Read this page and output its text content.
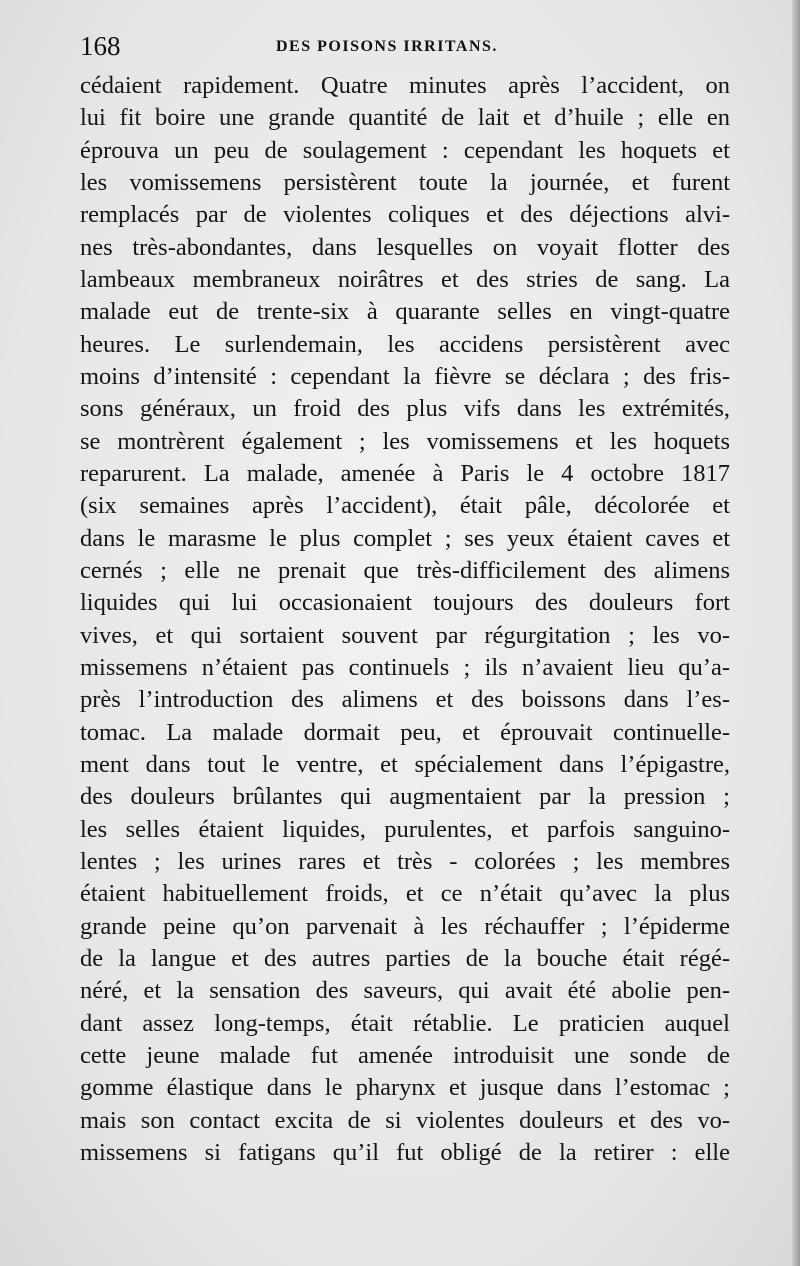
168	DES POISONS IRRITANS.
cédaient rapidement. Quatre minutes après l’accident, on
lui fit boire une grande quantité de lait et d’huile ; elle en
éprouva un peu de soulagement : cependant les hoquets et
les vomissemens persistèrent toute la journée, et furent
remplacés par de violentes coliques et des déjections alvi-
nes très-abondantes, dans lesquelles on voyait flotter des
lambeaux membraneux noirâtres et des stries de sang. La
malade eut de trente-six à quarante selles en vingt-quatre
heures. Le surlendemain, les accidens persistèrent avec
moins d’intensité : cependant la fièvre se déclara ; des fris-
sons généraux, un froid des plus vifs dans les extrémités,
se montrèrent également ; les vomissemens et les hoquets
reparurent. La malade, amenée à Paris le 4 octobre 1817
(six semaines après l’accident), était pâle, décolorée et
dans le marasme le plus complet ; ses yeux étaient caves et
cernés ; elle ne prenait que très-difficilement des alimens
liquides qui lui occasionaient toujours des douleurs fort
vives, et qui sortaient souvent par régurgitation ; les vo-
missemens n’étaient pas continuels ; ils n’avaient lieu qu’a-
près l’introduction des alimens et des boissons dans l’es-
tomac. La malade dormait peu, et éprouvait continuelle-
ment dans tout le ventre, et spécialement dans l’épigastre,
des douleurs brûlantes qui augmentaient par la pression ;
les selles étaient liquides, purulentes, et parfois sanguino-
lentes ; les urines rares et très - colorées ; les membres
étaient habituellement froids, et ce n’était qu’avec la plus
grande peine qu’on parvenait à les réchauffer ; l’épiderme
de la langue et des autres parties de la bouche était régé-
néré, et la sensation des saveurs, qui avait été abolie pen-
dant assez long-temps, était rétablie. Le praticien auquel
cette jeune malade fut amenée introduisit une sonde de
gomme élastique dans le pharynx et jusque dans l’estomac ;
mais son contact excita de si violentes douleurs et des vo-
missemens si fatigans qu’il fut obligé de la retirer : elle
